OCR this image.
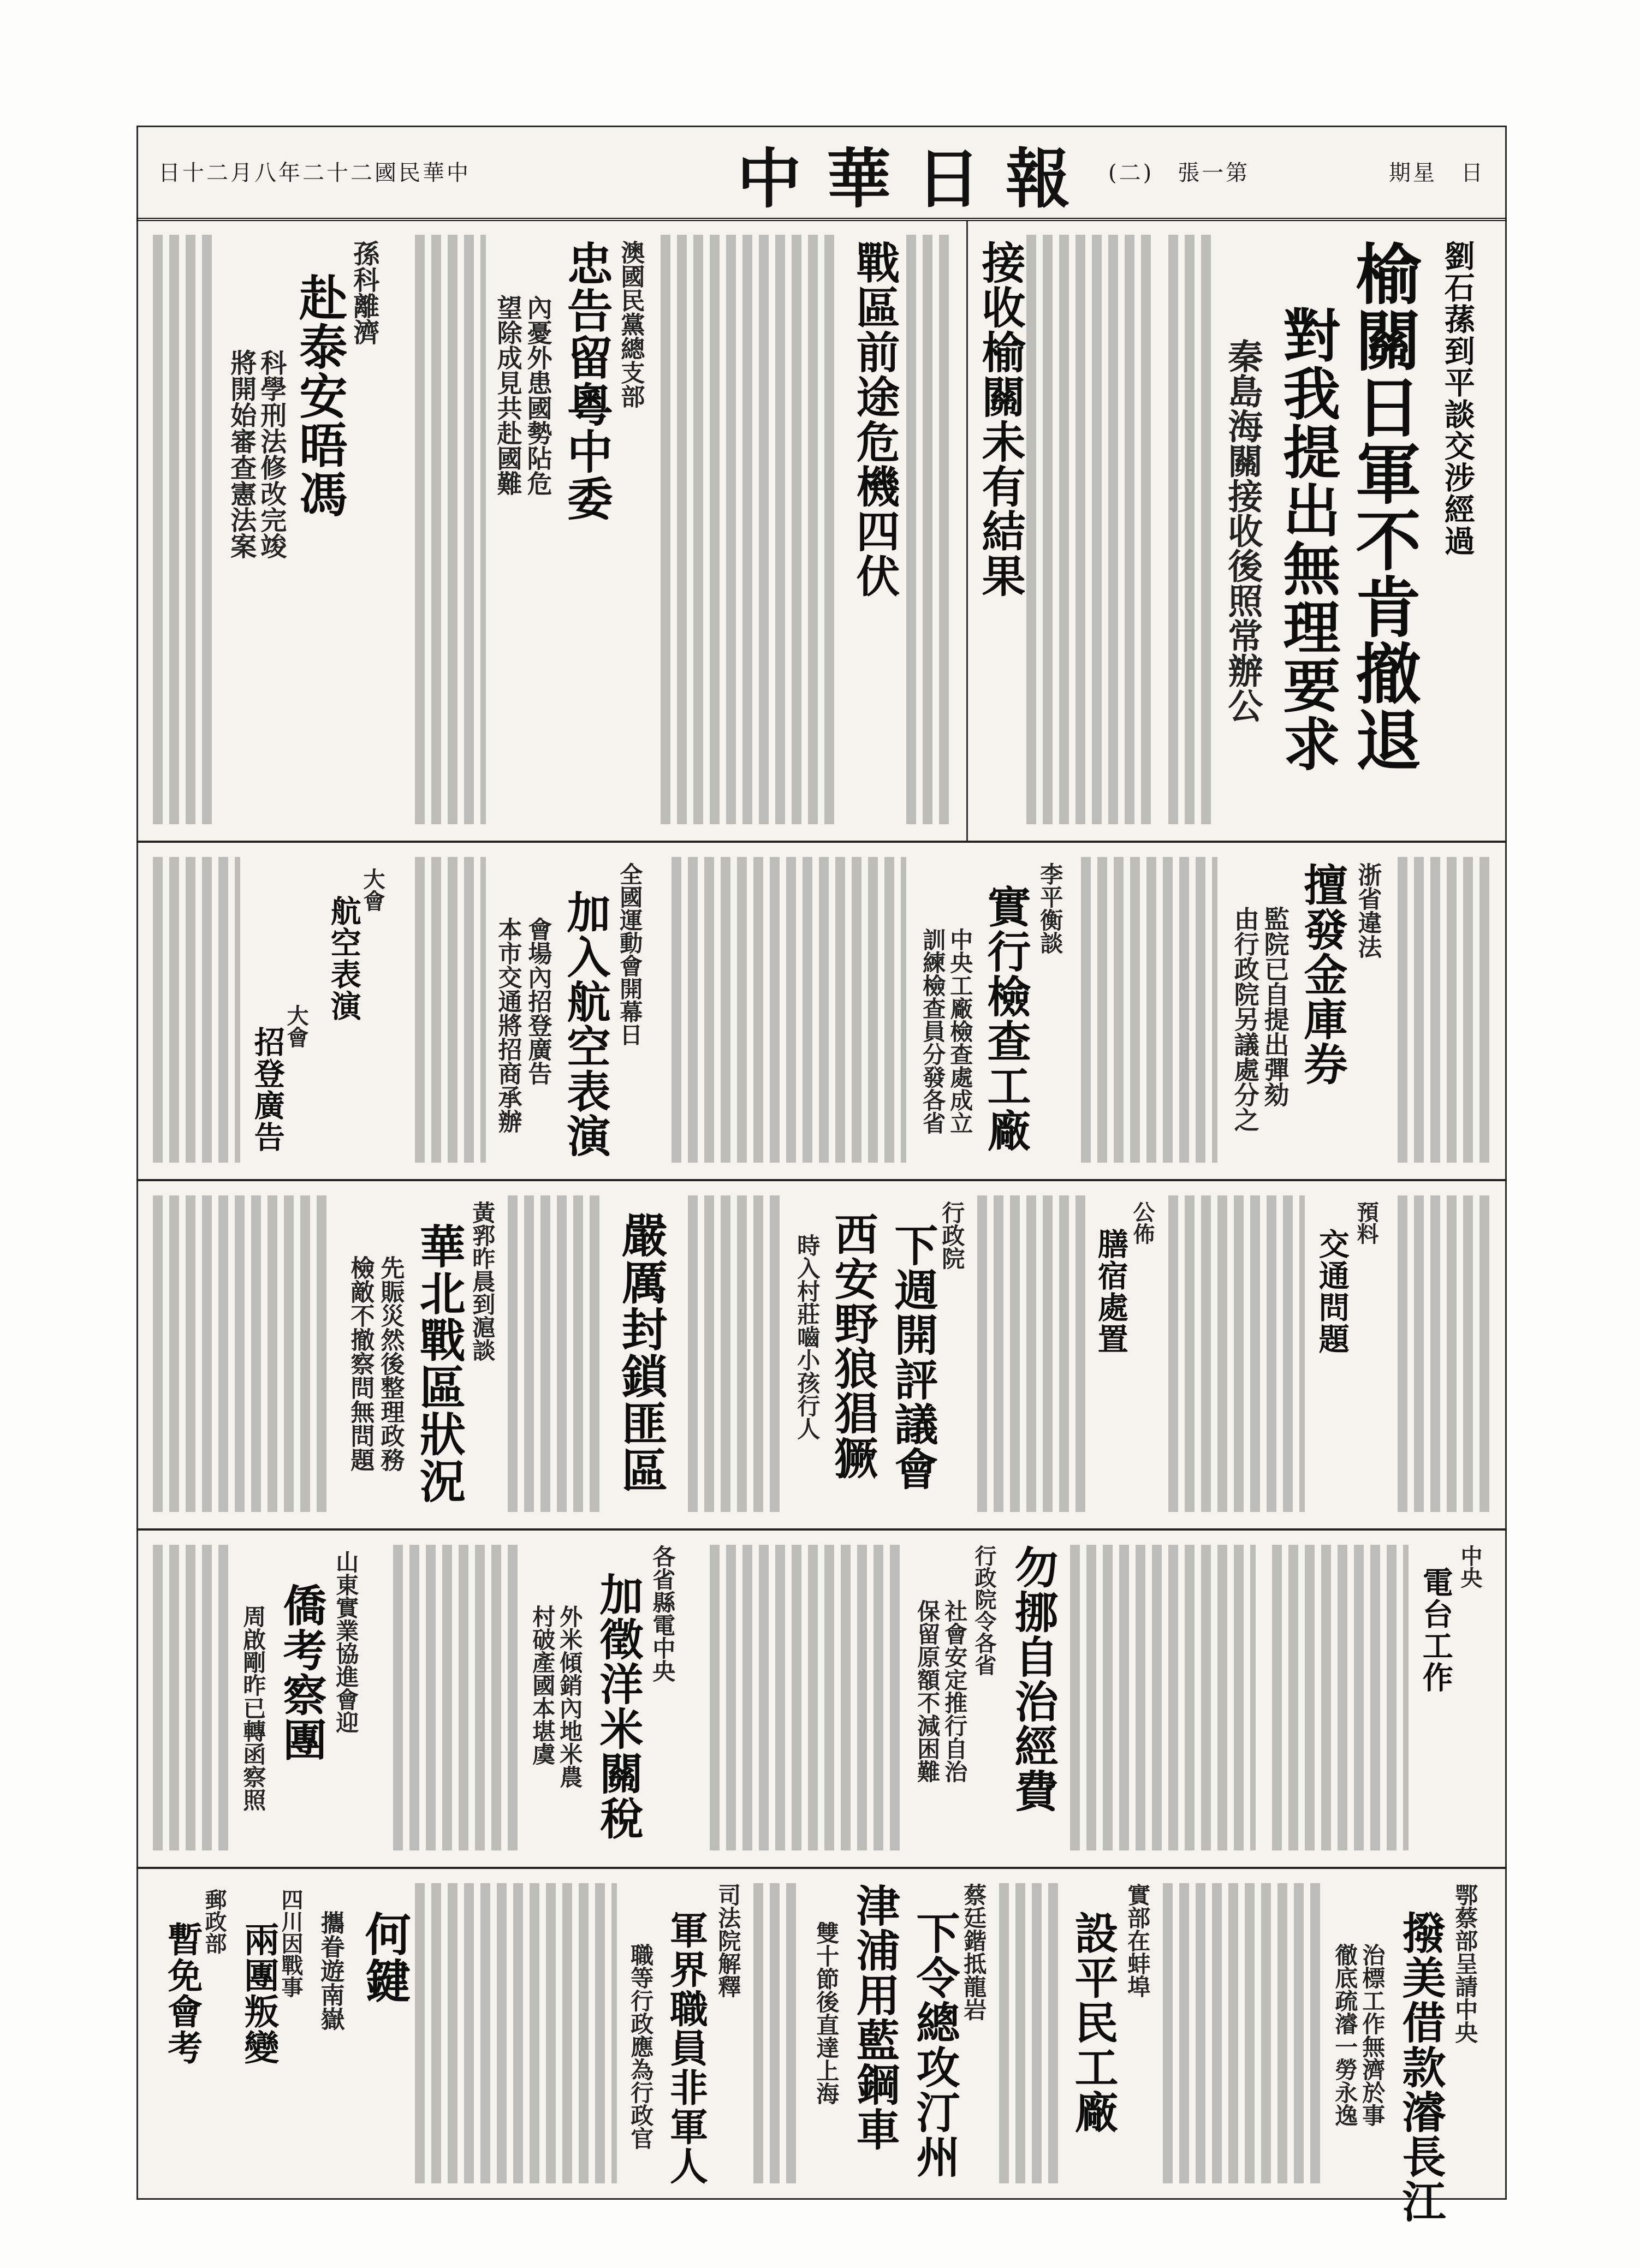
中 華 日 報	期星　日
(二)　張一第
日十二月八年二十二國民華中
劉石蓀到平談交涉經過
榆關日軍不肯撤退
對我提出無理要求
秦島海關接收後照常辦公
接收榆關未有結果
戰區前途危機四伏
澳國民黨總支部
忠告留粵中委
內憂外患國勢阽危
望除成見共赴國難
孫科離濟
赴泰安晤馮
科學刑法修改完竣
將開始審查憲法案
浙省違法
擅發金庫券
監院已自提出彈劾
由行政院另議處分之
李平衡談
實行檢查工廠
中央工廠檢查處成立
訓練檢查員分發各省
全國運動會開幕日
加入航空表演
會場內招登廣告
本市交通將招商承辦
大會
航空表演
大會
招登廣告
預料
交通問題
公佈
膳宿處置
行政院
下週開評議會
西安野狼猖獗
時入村莊嚙小孩行人
嚴厲封鎖匪區
黃郛昨晨到滬談
華北戰區狀況
先賑災然後整理政務
檢敵不撤察問無問題
中央
電台工作
勿挪自治經費
行政院令各省
社會安定推行自治
保留原額不減困難
各省縣電中央
加徵洋米關稅
外米傾銷內地米農
村破產國本堪虞
山東實業協進會迎
僑考察團
周啟剛昨已轉函察照
鄂蔡部呈請中央
撥美借款濬長江
治標工作無濟於事
徹底疏濬一勞永逸
實部在蚌埠
設平民工廠
蔡廷鍇抵龍岩
下令總攻汀州
津浦用藍鋼車
雙十節後直達上海
司法院解釋
軍界職員非軍人
職等行政應為行政官
何鍵
攜眷遊南嶽
四川因戰事
兩團叛變
郵政部
暫免會考
